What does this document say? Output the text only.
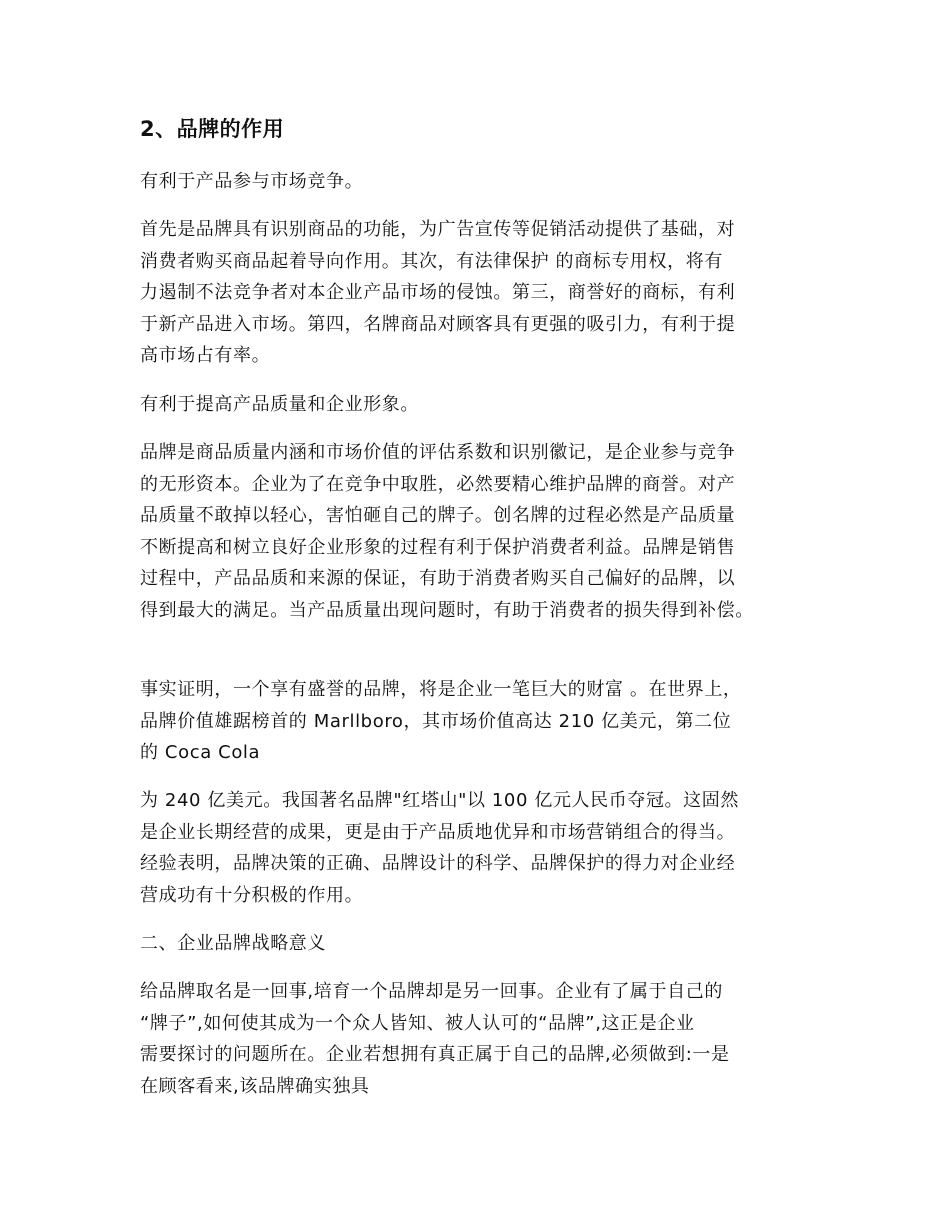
2、品牌的作用

有利于产品参与市场竞争。

首先是品牌具有识别商品的功能，为广告宣传等促销活动提供了基础，对
消费者购买商品起着导向作用。其次，有法律保护 的商标专用权，将有
力遏制不法竞争者对本企业产品市场的侵蚀。第三，商誉好的商标，有利
于新产品进入市场。第四，名牌商品对顾客具有更强的吸引力，有利于提
高市场占有率。

有利于提高产品质量和企业形象。

品牌是商品质量内涵和市场价值的评估系数和识别徽记，是企业参与竞争
的无形资本。企业为了在竞争中取胜，必然要精心维护品牌的商誉。对产
品质量不敢掉以轻心，害怕砸自己的牌子。创名牌的过程必然是产品质量
不断提高和树立良好企业形象的过程有利于保护消费者利益。品牌是销售
过程中，产品品质和来源的保证，有助于消费者购买自己偏好的品牌，以
得到最大的满足。当产品质量出现问题时，有助于消费者的损失得到补偿。

事实证明，一个享有盛誉的品牌，将是企业一笔巨大的财富 。在世界上，
品牌价值雄踞榜首的 Marllboro，其市场价值高达 210 亿美元，第二位
的 Coca Cola

为 240 亿美元。我国著名品牌"红塔山"以 100 亿元人民币夺冠。这固然
是企业长期经营的成果，更是由于产品质地优异和市场营销组合的得当。
经验表明，品牌决策的正确、品牌设计的科学、品牌保护的得力对企业经
营成功有十分积极的作用。

二、企业品牌战略意义

给品牌取名是一回事,培育一个品牌却是另一回事。企业有了属于自己的
“牌子”,如何使其成为一个众人皆知、被人认可的“品牌”,这正是企业
需要探讨的问题所在。企业若想拥有真正属于自己的品牌,必须做到:一是
在顾客看来,该品牌确实独具
